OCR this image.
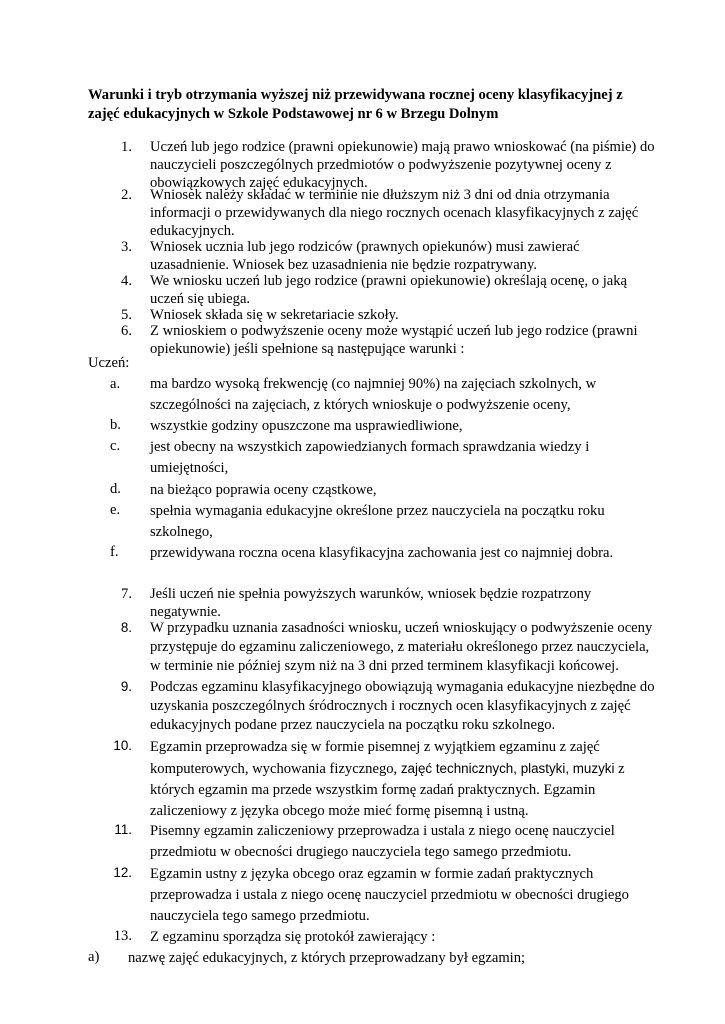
Warunki i tryb otrzymania wyższej niż przewidywana rocznej oceny klasyfikacyjnej z zajęć edukacyjnych w Szkole Podstawowej nr 6 w Brzegu Dolnym
1. Uczeń lub jego rodzice (prawni opiekunowie) mają prawo wnioskować (na piśmie) do
nauczycieli poszczególnych przedmiotów o podwyższenie pozytywnej oceny z
obowiązkowych zajęć edukacyjnych.
2. Wniosek należy składać w terminie nie dłuższym niż 3 dni od dnia otrzymania
informacji o przewidywanych dla niego rocznych ocenach klasyfikacyjnych z zajęć
edukacyjnych.
3. Wniosek ucznia lub jego rodziców (prawnych opiekunów) musi zawierać
uzasadnienie. Wniosek bez uzasadnienia nie będzie rozpatrywany.
4. We wniosku uczeń lub jego rodzice (prawni opiekunowie) określają ocenę, o jaką
uczeń się ubiega.
5. Wniosek składa się w sekretariacie szkoły.
6. Z wnioskiem o podwyższenie oceny może wystąpić uczeń lub jego rodzice (prawni
opiekunowie) jeśli spełnione są następujące warunki :
Uczeń:
a. ma bardzo wysoką frekwencję (co najmniej 90%) na zajęciach szkolnych, w
szczególności na zajęciach, z których wnioskuje o podwyższenie oceny,
b. wszystkie godziny opuszczone ma usprawiedliwione,
c. jest obecny na wszystkich zapowiedzianych formach sprawdzania wiedzy i
umiejętności,
d. na bieżąco poprawia oceny cząstkowe,
e. spełnia wymagania edukacyjne określone przez nauczyciela na początku roku
szkolnego,
f.	przewidywana roczna ocena klasyfikacyjna zachowania jest co najmniej dobra.
7. Jeśli uczeń nie spełnia powyższych warunków, wniosek będzie rozpatrzony
negatywnie.
8. W przypadku uznania zasadności wniosku, uczeń wnioskujący o podwyższenie oceny
przystępuje do egzaminu zaliczeniowego, z materiału określonego przez nauczyciela,
w terminie nie później szym niż na 3 dni przed terminem klasyfikacji końcowej.
9. Podczas egzaminu klasyfikacyjnego obowiązują wymagania edukacyjne niezbędne do
uzyskania poszczególnych śródrocznych i rocznych ocen klasyfikacyjnych z zajęć
edukacyjnych podane przez nauczyciela na początku roku szkolnego.
10. Egzamin przeprowadza się w formie pisemnej z wyjątkiem egzaminu z zajęć
komputerowych, wychowania fizycznego, zajęć technicznych, plastyki, muzyki z
których egzamin ma przede wszystkim formę zadań praktycznych. Egzamin
zaliczeniowy z języka obcego może mieć formę pisemną i ustną.
11. Pisemny egzamin zaliczeniowy przeprowadza i ustala z niego ocenę nauczyciel
przedmiotu w obecności drugiego nauczyciela tego samego przedmiotu.
12. Egzamin ustny z języka obcego oraz egzamin w formie zadań praktycznych
przeprowadza i ustala z niego ocenę nauczyciel przedmiotu w obecności drugiego
nauczyciela tego samego przedmiotu.
13. Z egzaminu sporządza się protokół zawierający :
a) nazwę zajęć edukacyjnych, z których przeprowadzany był egzamin;
